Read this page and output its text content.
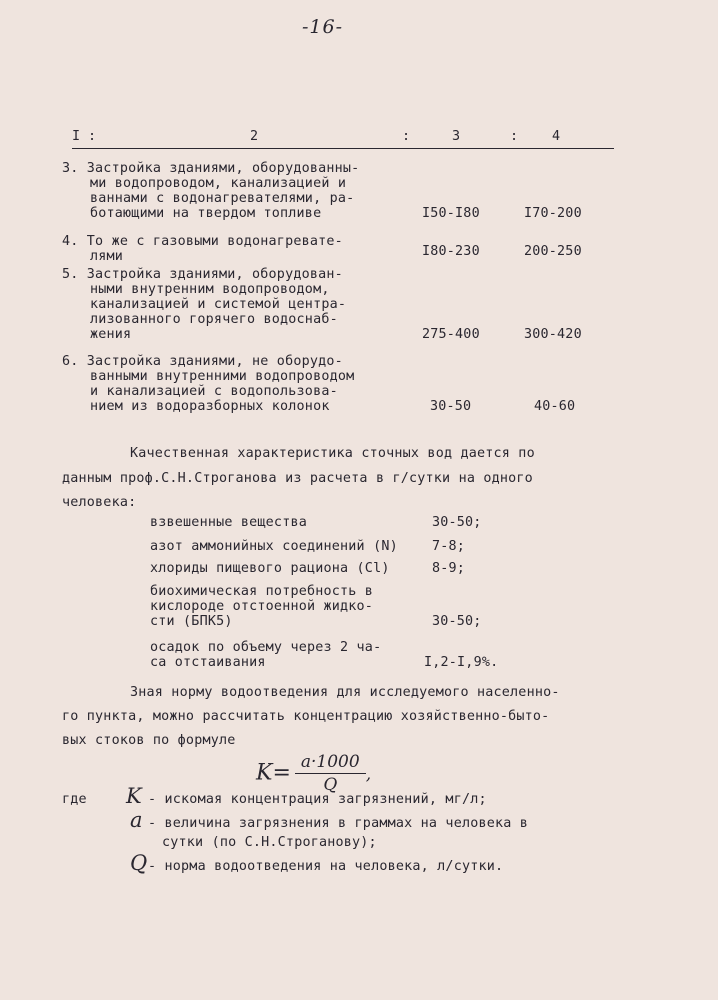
-16-
I :	2	:	3	:	4
3. Застройка зданиями, оборудованны-
ми водопроводом, канализацией и
ваннами с водонагревателями, ра-
ботающими на твердом топливе	I50-I80	I70-200
4. То же с газовыми водонагревате-
лями	I80-230	200-250
5. Застройка зданиями, оборудован-
ными внутренним водопроводом,
канализацией и системой центра-
лизованного горячего водоснаб-
жения	275-400	300-420
6. Застройка зданиями, не оборудо-
ванными внутренними водопроводом
и канализацией с водопользова-
нием из водоразборных колонок	30-50	40-60
Качественная характеристика сточных вод дается по
данным проф.С.Н.Строганова из расчета в г/сутки на одного
человека:
взвешенные вещества	30-50;
азот аммонийных соединений (N)	7-8;
хлориды пищевого рациона (Cl)	8-9;
биохимическая потребность в
кислороде отстоенной жидко-
сти (БПК5)	30-50;
осадок по объему через 2 ча-
са отстаивания	I,2-I,9%.
Зная норму водоотведения для исследуемого населенно-
го пункта, можно рассчитать концентрацию хозяйственно-быто-
вых стоков по формуле
$K= \frac{a\cdot 1000}{Q}$ ,
где K - искомая концентрация загрязнений, мг/л;
a - величина загрязнения в граммах на человека в
сутки (по С.Н.Строганову);
Q - норма водоотведения на человека, л/сутки.
